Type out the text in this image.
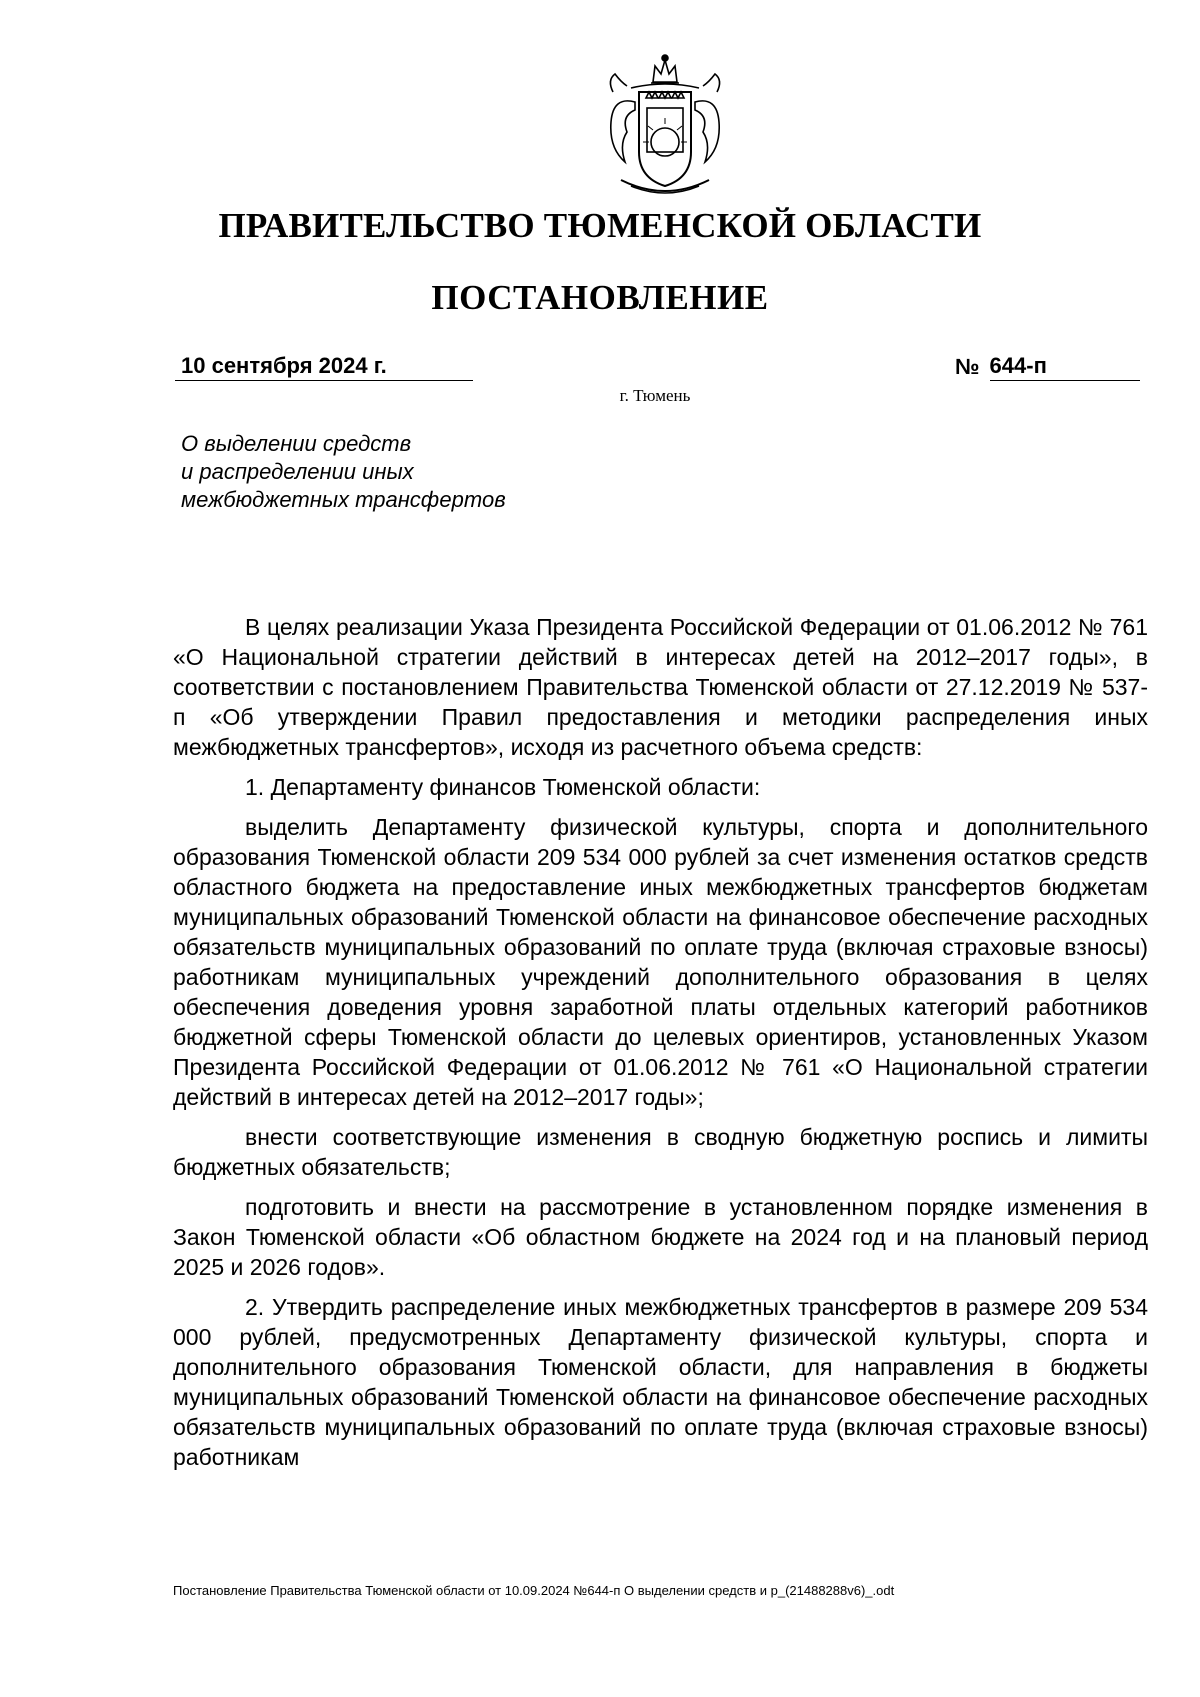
ПРАВИТЕЛЬСТВО ТЮМЕНСКОЙ ОБЛАСТИ
ПОСТАНОВЛЕНИЕ
10 сентября 2024 г.	№ 644-п
г. Тюмень
О выделении средств
и распределении иных
межбюджетных трансфертов

В целях реализации Указа Президента Российской Федерации от 01.06.2012 № 761 «О Национальной стратегии действий в интересах детей на 2012–2017 годы», в соответствии с постановлением Правительства Тюменской области от 27.12.2019 № 537-п «Об утверждении Правил предоставления и методики распределения иных межбюджетных трансфертов», исходя из расчетного объема средств:

1. Департаменту финансов Тюменской области:

выделить Департаменту физической культуры, спорта и дополнительного образования Тюменской области 209 534 000 рублей за счет изменения остатков средств областного бюджета на предоставление иных межбюджетных трансфертов бюджетам муниципальных образований Тюменской области на финансовое обеспечение расходных обязательств муниципальных образований по оплате труда (включая страховые взносы) работникам муниципальных учреждений дополнительного образования в целях обеспечения доведения уровня заработной платы отдельных категорий работников бюджетной сферы Тюменской области до целевых ориентиров, установленных Указом Президента Российской Федерации от 01.06.2012 № 761 «О Национальной стратегии действий в интересах детей на 2012–2017 годы»;

внести соответствующие изменения в сводную бюджетную роспись и лимиты бюджетных обязательств;

подготовить и внести на рассмотрение в установленном порядке изменения в Закон Тюменской области «Об областном бюджете на 2024 год и на плановый период 2025 и 2026 годов».

2. Утвердить распределение иных межбюджетных трансфертов в размере 209 534 000 рублей, предусмотренных Департаменту физической культуры, спорта и дополнительного образования Тюменской области, для направления в бюджеты муниципальных образований Тюменской области на финансовое обеспечение расходных обязательств муниципальных образований по оплате труда (включая страховые взносы) работникам

Постановление Правительства Тюменской области от 10.09.2024 №644-п О выделении средств и р_(21488288v6)_.odt
